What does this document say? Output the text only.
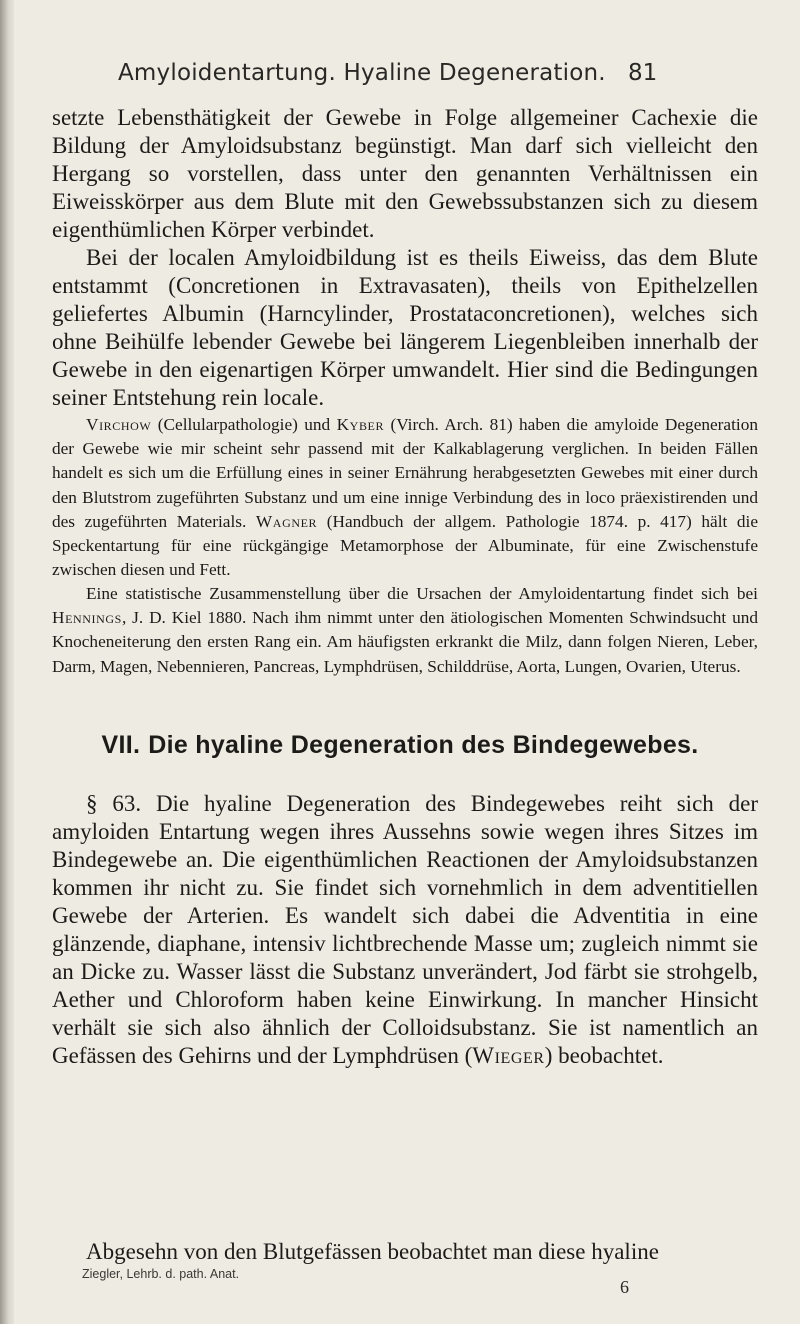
Amyloidentartung. Hyaline Degeneration. 81

setzte Lebensthätigkeit der Gewebe in Folge allgemeiner Cachexie die Bildung der Amyloidsubstanz begünstigt. Man darf sich vielleicht den Hergang so vorstellen, dass unter den genannten Verhältnissen ein Eiweisskörper aus dem Blute mit den Gewebssubstanzen sich zu diesem eigenthümlichen Körper verbindet.

Bei der localen Amyloidbildung ist es theils Eiweiss, das dem Blute entstammt (Concretionen in Extravasaten), theils von Epithelzellen geliefertes Albumin (Harncylinder, Prostataconcretionen), welches sich ohne Beihülfe lebender Gewebe bei längerem Liegenbleiben innerhalb der Gewebe in den eigenartigen Körper umwandelt. Hier sind die Bedingungen seiner Entstehung rein locale.

Virchow (Cellularpathologie) und Kyber (Virch. Arch. 81) haben die amyloide Degeneration der Gewebe wie mir scheint sehr passend mit der Kalkablagerung verglichen. In beiden Fällen handelt es sich um die Erfüllung eines in seiner Ernährung herabgesetzten Gewebes mit einer durch den Blutstrom zugeführten Substanz und um eine innige Verbindung des in loco präexistirenden und des zugeführten Materials. Wagner (Handbuch der allgem. Pathologie 1874. p. 417) hält die Speckentartung für eine rückgängige Metamorphose der Albuminate, für eine Zwischenstufe zwischen diesen und Fett.

Eine statistische Zusammenstellung über die Ursachen der Amyloidentartung findet sich bei Hennings, J. D. Kiel 1880. Nach ihm nimmt unter den ätiologischen Momenten Schwindsucht und Knocheneiterung den ersten Rang ein. Am häufigsten erkrankt die Milz, dann folgen Nieren, Leber, Darm, Magen, Nebennieren, Pancreas, Lymphdrüsen, Schilddrüse, Aorta, Lungen, Ovarien, Uterus.

VII. Die hyaline Degeneration des Bindegewebes.

§ 63. Die hyaline Degeneration des Bindegewebes reiht sich der amyloiden Entartung wegen ihres Aussehns sowie wegen ihres Sitzes im Bindegewebe an. Die eigenthümlichen Reactionen der Amyloidsubstanzen kommen ihr nicht zu. Sie findet sich vornehmlich in dem adventitiellen Gewebe der Arterien. Es wandelt sich dabei die Adventitia in eine glänzende, diaphane, intensiv lichtbrechende Masse um; zugleich nimmt sie an Dicke zu. Wasser lässt die Substanz unverändert, Jod färbt sie strohgelb, Aether und Chloroform haben keine Einwirkung. In mancher Hinsicht verhält sie sich also ähnlich der Colloidsubstanz. Sie ist namentlich an Gefässen des Gehirns und der Lymphdrüsen (Wieger) beobachtet.

Abgesehn von den Blutgefässen beobachtet man diese hyaline

Ziegler, Lehrb. d. path. Anat.
6
